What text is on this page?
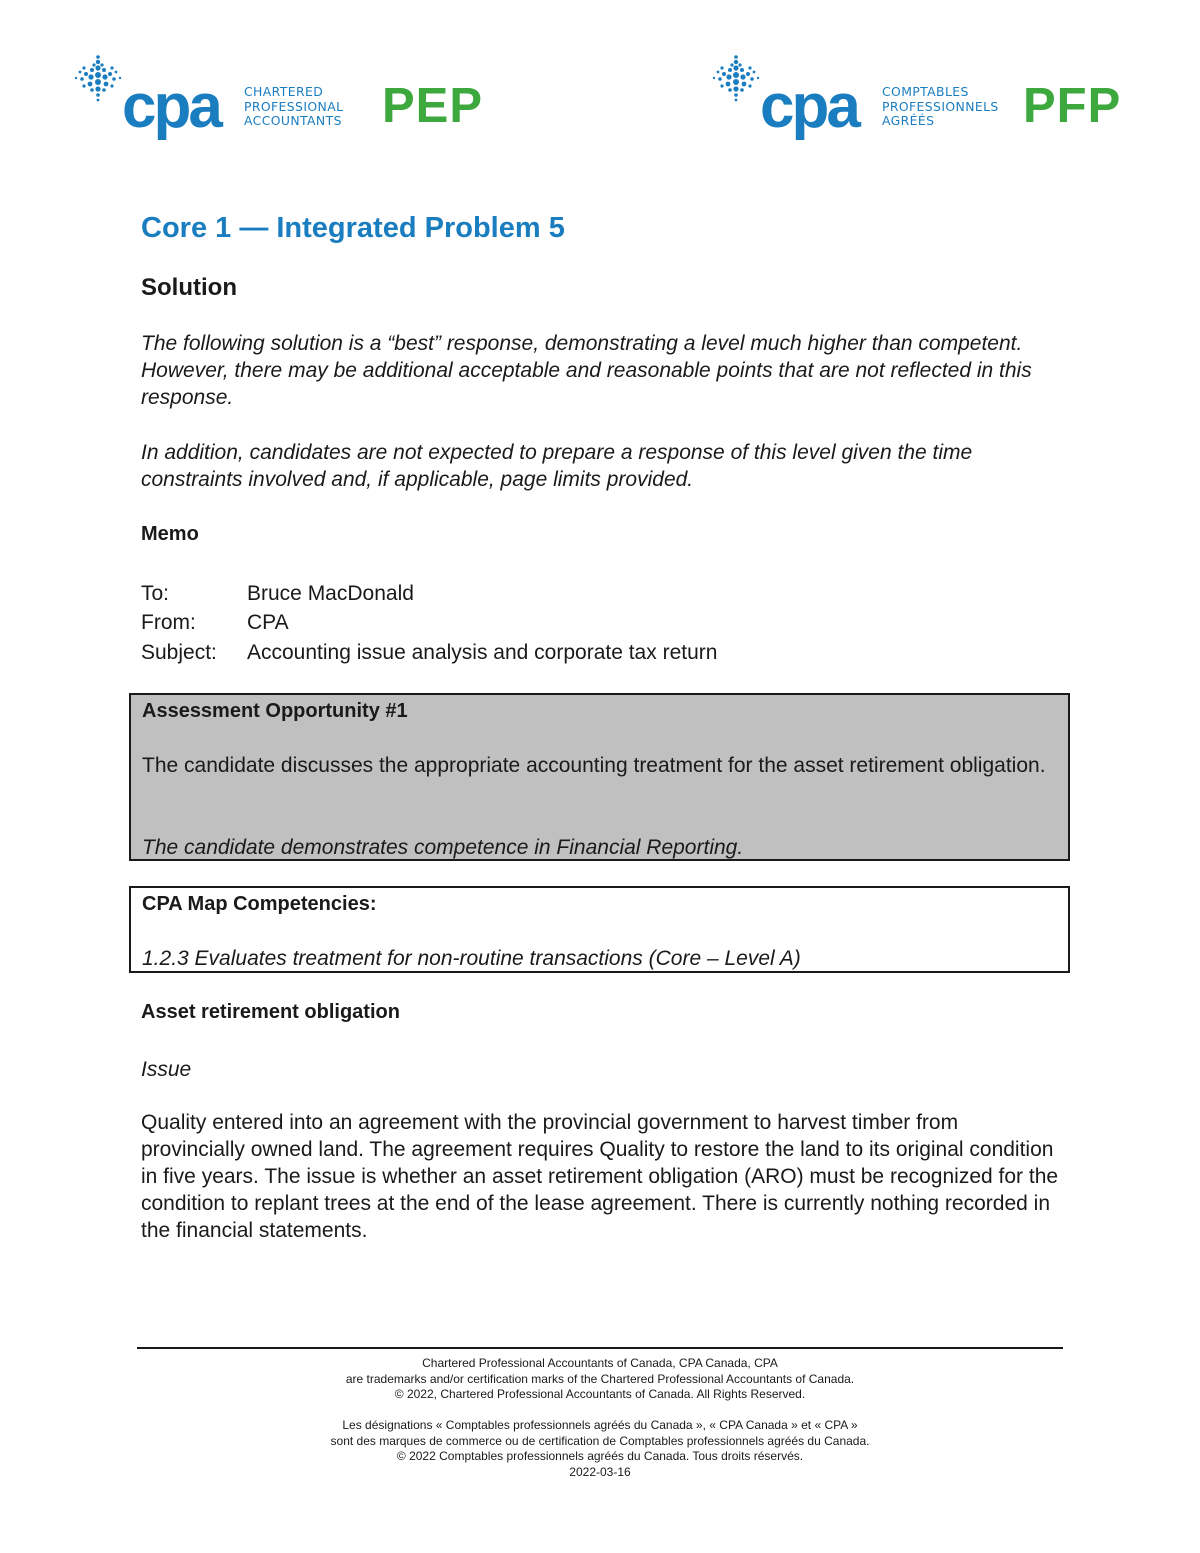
cpa CHARTERED
PROFESSIONAL
ACCOUNTANTS PEP	cpa COMPTABLES
PROFESSIONNELS
AGRÉÉS	PFP
Core 1 — Integrated Problem 5
Solution
The following solution is a “best” response, demonstrating a level much higher than competent. However, there may be additional acceptable and reasonable points that are not reflected in this response.
In addition, candidates are not expected to prepare a response of this level given the time constraints involved and, if applicable, page limits provided.
Memo
To:	Bruce MacDonald
From: CPA
Subject: Accounting issue analysis and corporate tax return
Assessment Opportunity #1
The candidate discusses the appropriate accounting treatment for the asset retirement obligation.
The candidate demonstrates competence in Financial Reporting.
CPA Map Competencies:
1.2.3 Evaluates treatment for non-routine transactions (Core – Level A)
Asset retirement obligation
Issue
Quality entered into an agreement with the provincial government to harvest timber from provincially owned land. The agreement requires Quality to restore the land to its original condition in five years. The issue is whether an asset retirement obligation (ARO) must be recognized for the condition to replant trees at the end of the lease agreement. There is currently nothing recorded in the financial statements.
Chartered Professional Accountants of Canada, CPA Canada, CPA
are trademarks and/or certification marks of the Chartered Professional Accountants of Canada.
© 2022, Chartered Professional Accountants of Canada. All Rights Reserved.
Les désignations « Comptables professionnels agréés du Canada », « CPA Canada » et « CPA »
sont des marques de commerce ou de certification de Comptables professionnels agréés du Canada.
© 2022 Comptables professionnels agréés du Canada. Tous droits réservés.
2022-03-16
